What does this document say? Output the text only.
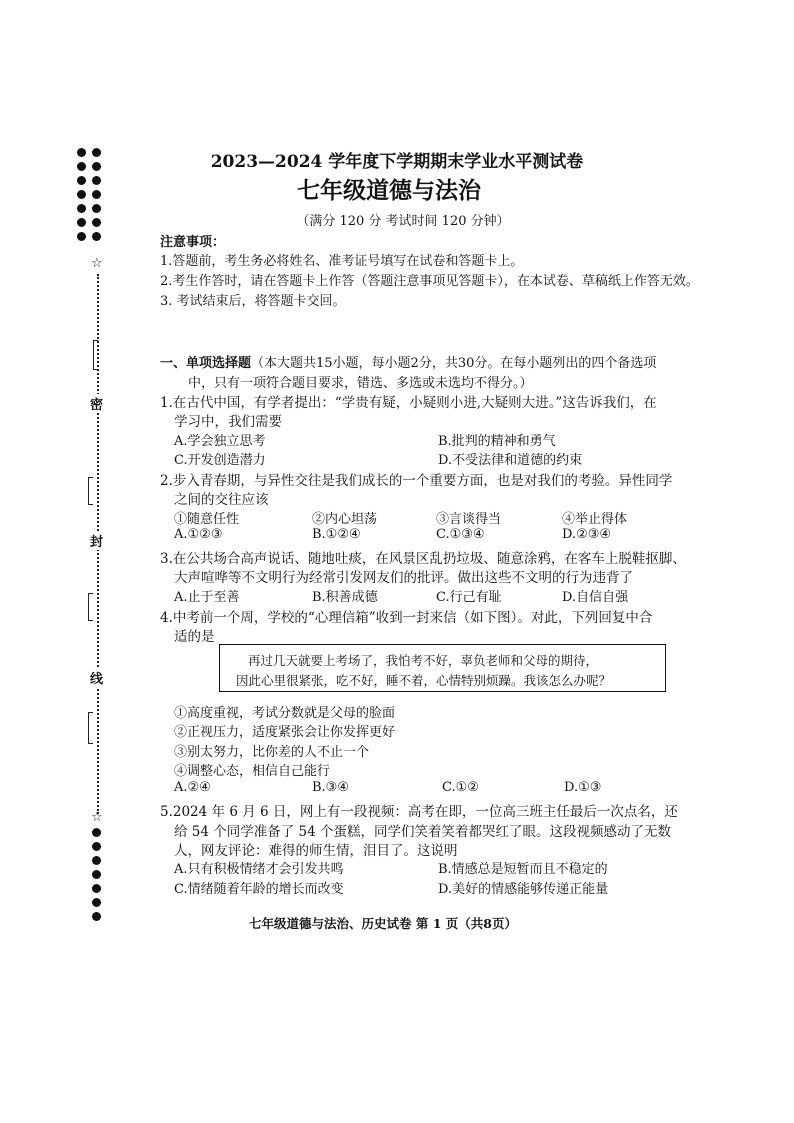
☆
密
封
线
☆
2023—2024 学年度下学期期末学业水平测试卷
七年级道德与法治
（满分 120 分 考试时间 120 分钟）
注意事项：
1.答题前，考生务必将姓名、准考证号填写在试卷和答题卡上。
2.考生作答时，请在答题卡上作答（答题注意事项见答题卡），在本试卷、草稿纸上作答无效。
3. 考试结束后，将答题卡交回。
一、单项选择题（本大题共15小题，每小题2分，共30分。在每小题列出的四个备选项
中，只有一项符合题目要求，错选、多选或未选均不得分。）
1.在古代中国，有学者提出：“学贵有疑，小疑则小进,大疑则大进。”这告诉我们，在
学习中，我们需要
A.学会独立思考	B.批判的精神和勇气
C.开发创造潜力	D.不受法律和道德的约束
2.步入青春期，与异性交往是我们成长的一个重要方面，也是对我们的考验。异性同学
之间的交往应该
①随意任性	②内心坦荡	③言谈得当	④举止得体
A.①②③	B.①②④	C.①③④	D.②③④
3.在公共场合高声说话、随地吐痰，在风景区乱扔垃圾、随意涂鸦，在客车上脱鞋抠脚、
大声喧哗等不文明行为经常引发网友们的批评。做出这些不文明的行为违背了
A.止于至善	B.积善成德	C.行己有耻	D.自信自强
4.中考前一个周，学校的“心理信箱”收到一封来信（如下图）。对此，下列回复中合
适的是
再过几天就要上考场了，我怕考不好，辜负老师和父母的期待，
因此心里很紧张，吃不好，睡不着，心情特别烦躁。我该怎么办呢？
①高度重视，考试分数就是父母的脸面
②正视压力，适度紧张会让你发挥更好
③别太努力，比你差的人不止一个
④调整心态，相信自己能行
A.②④	B.③④	C.①②	D.①③
5.2024 年 6 月 6 日，网上有一段视频：高考在即，一位高三班主任最后一次点名，还
给 54 个同学准备了 54 个蛋糕，同学们笑着笑着都哭红了眼。这段视频感动了无数
人，网友评论：难得的师生情，泪目了。这说明
A.只有积极情绪才会引发共鸣	B.情感总是短暂而且不稳定的
C.情绪随着年龄的增长而改变	D.美好的情感能够传递正能量
七年级道德与法治、历史试卷 第 1 页（共8页）
